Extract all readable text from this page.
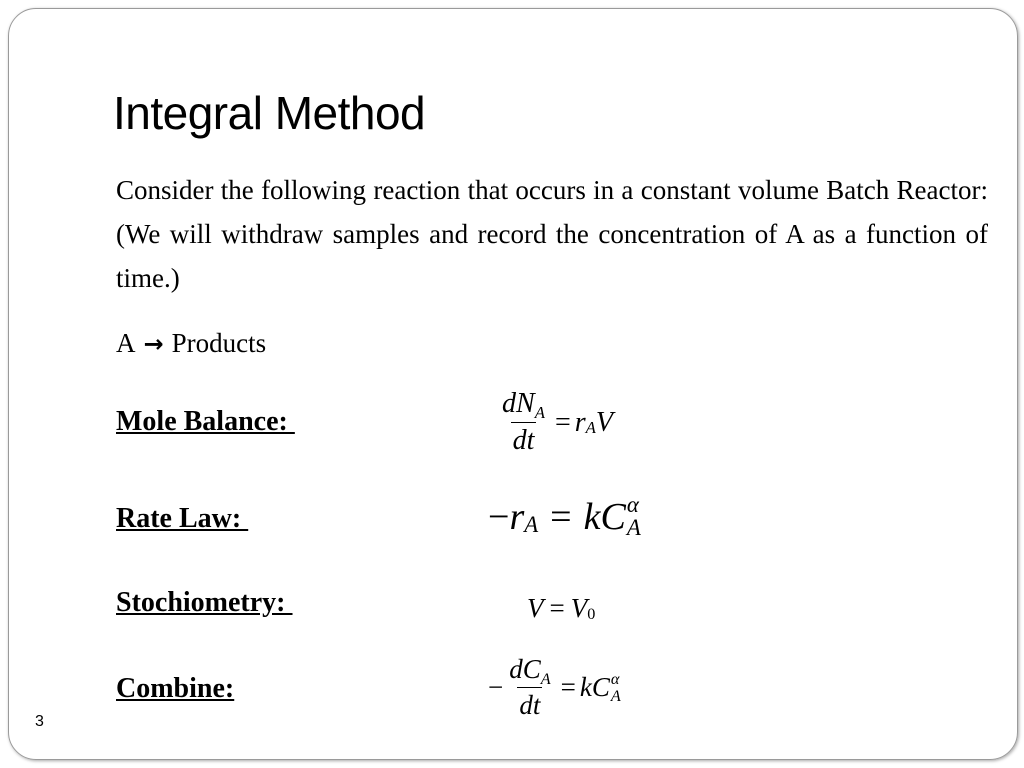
Integral Method
Consider the following reaction that occurs in a constant volume Batch Reactor: (We will withdraw samples and record the concentration of A as a function of time.)
A → Products
Mole Balance:	$\frac{dN_A}{dt} = r$ A V
Rate Law:	− r A = k C α
A
Stochiometry:	V = V 0
Combine:	− $\frac{dC_A}{dt} = k$ C α
A
3
